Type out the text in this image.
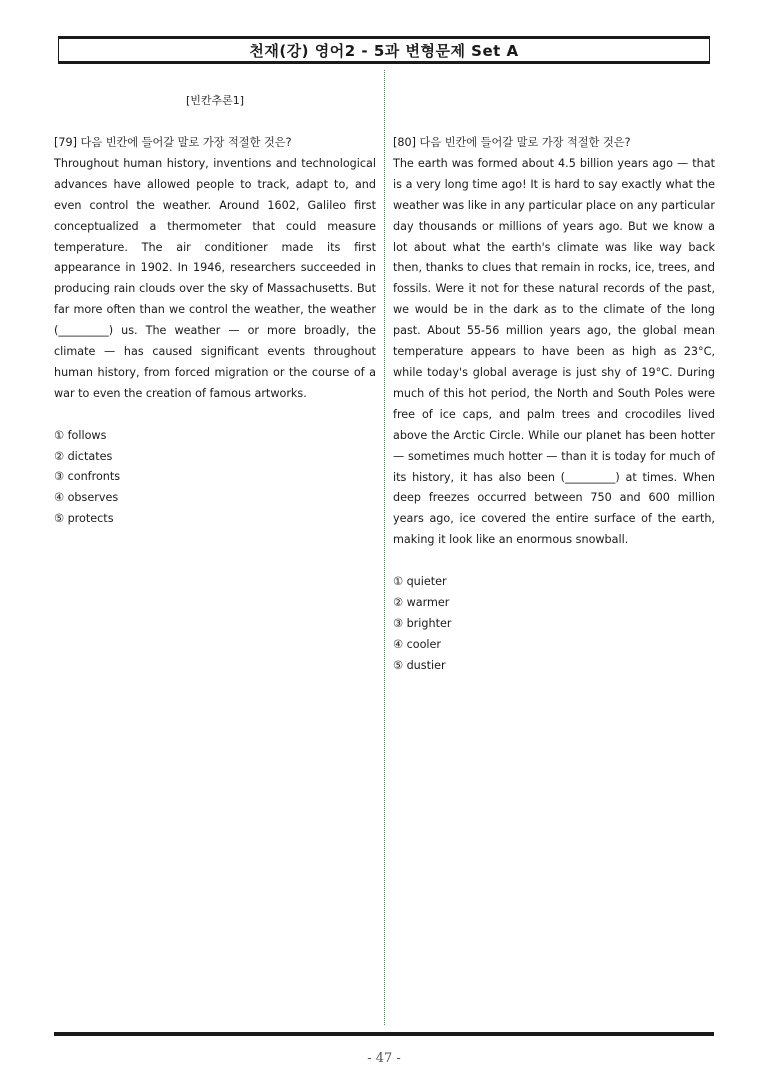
천재(강) 영어2 - 5과 변형문제 Set A
[빈칸추론1]

[79] 다음 빈칸에 들어갈 말로 가장 적절한 것은?

Throughout human history, inventions and technological advances have allowed people to track, adapt to, and even control the weather. Around 1602, Galileo first conceptualized a thermometer that could measure temperature. The air conditioner made its first appearance in 1902. In 1946, researchers succeeded in producing rain clouds over the sky of Massachusetts. But far more often than we control the weather, the weather (_________) us. The weather — or more broadly, the climate — has caused significant events throughout human history, from forced migration or the course of a war to even the creation of famous artworks.

① follows

② dictates

③ confronts

④ observes

⑤ protects

[80] 다음 빈칸에 들어갈 말로 가장 적절한 것은?

The earth was formed about 4.5 billion years ago — that is a very long time ago! It is hard to say exactly what the weather was like in any particular place on any particular day thousands or millions of years ago. But we know a lot about what the earth's climate was like way back then, thanks to clues that remain in rocks, ice, trees, and fossils. Were it not for these natural records of the past, we would be in the dark as to the climate of the long past. About 55-56 million years ago, the global mean temperature appears to have been as high as 23°C, while today's global average is just shy of 19°C. During much of this hot period, the North and South Poles were free of ice caps, and palm trees and crocodiles lived above the Arctic Circle. While our planet has been hotter — sometimes much hotter — than it is today for much of its history, it has also been (_________) at times. When deep freezes occurred between 750 and 600 million years ago, ice covered the entire surface of the earth, making it look like an enormous snowball.

① quieter

② warmer

③ brighter

④ cooler

⑤ dustier

- 47 -
